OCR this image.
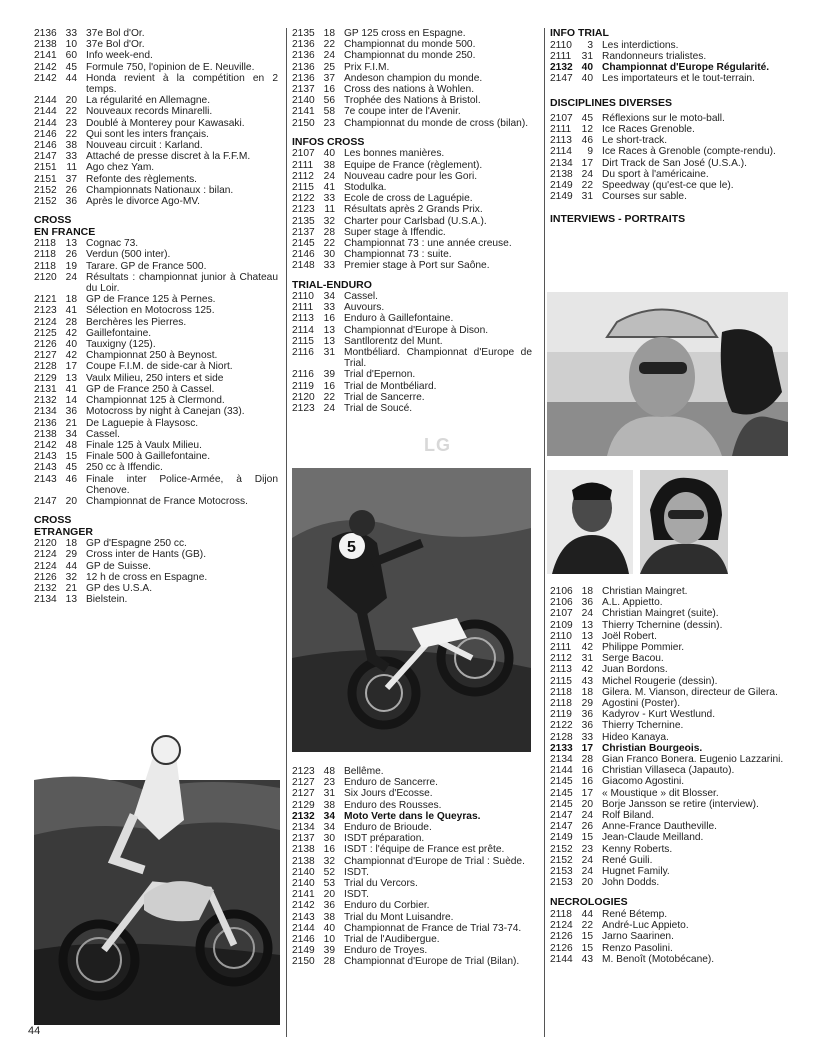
2136 33 37e Bol d'Or.
2138 10 37e Bol d'Or.
2141 60 Info week-end.
2142 45 Formule 750, l'opinion de E. Neuville.
2142 44 Honda revient à la compétition en 2 temps.
2144 20 La régularité en Allemagne.
2144 22 Nouveaux records Minarelli.
2144 23 Doublé à Monterey pour Kawasaki.
2146 22 Qui sont les inters français.
2146 38 Nouveau circuit : Karland.
2147 33 Attaché de presse discret à la F.F.M.
2151 11 Ago chez Yam.
2151 37 Refonte des règlements.
2152 26 Championnats Nationaux : bilan.
2152 36 Après le divorce Ago-MV.
CROSS
EN FRANCE
2118 13 Cognac 73.
2118 26 Verdun (500 inter).
2118 19 Tarare. GP de France 500.
2120 24 Résultats : championnat junior à Chateau du Loir.
2121 18 GP de France 125 à Pernes.
2123 41 Sélection en Motocross 125.
2124 28 Berchères les Pierres.
2125 42 Gaillefontaine.
2126 40 Tauxigny (125).
2127 42 Championnat 250 à Beynost.
2128 17 Coupe F.I.M. de side-car à Niort.
2129 13 Vaulx Milieu, 250 inters et side
2131 41 GP de France 250 à Cassel.
2132 14 Championnat 125 à Clermond.
2134 36 Motocross by night à Canejan (33).
2136 21 De Laguepie à Flaysosc.
2138 34 Cassel.
2142 48 Finale 125 à Vaulx Milieu.
2143 15 Finale 500 à Gaillefontaine.
2143 45 250 cc à Iffendic.
2143 46 Finale inter Police-Armée, à Dijon Chenove.
2147 20 Championnat de France Motocross.
CROSS
ETRANGER
2120 18 GP d'Espagne 250 cc.
2124 29 Cross inter de Hants (GB).
2124 44 GP de Suisse.
2126 32 12 h de cross en Espagne.
2132 21 GP des U.S.A.
2134 13 Bielstein.
2135 18 GP 125 cross en Espagne.
2136 22 Championnat du monde 500.
2136 24 Championnat du monde 250.
2136 25 Prix F.I.M.
2136 37 Andeson champion du monde.
2137 16 Cross des nations à Wohlen.
2140 56 Trophée des Nations à Bristol.
2141 58 7e coupe inter de l'Avenir.
2150 23 Championnat du monde de cross (bilan).
INFOS CROSS
2107 40 Les bonnes manières.
2111	38 Equipe de France (règlement).
2112 24 Nouveau cadre pour les Gori.
2115 41 Stodulka.
2122 33 Ecole de cross de Laguépie.
2123 11 Résultats après 2 Grands Prix.
2135 32 Charter pour Carlsbad (U.S.A.).
2137 28 Super stage à Iffendic.
2145 22 Championnat 73 : une année creuse.
2146 30 Championnat 73 : suite.
2148 33 Premier stage à Port sur Saône.
TRIAL-ENDURO
2110 34 Cassel.
2111	33 Auvours.
2113 16 Enduro à Gaillefontaine.
2114 13 Championnat d'Europe à Dison.
2115 13 Santllorentz del Munt.
2116 31 Montbéliard. Championnat d'Europe de Trial.
2116 39 Trial d'Epernon.
2119 16 Trial de Montbéliard.
2120 22 Trial de Sancerre.
2123 24 Trial de Soucé.
5
LG
2123 48 Bellême.
2127 23 Enduro de Sancerre.
2127 31 Six Jours d'Ecosse.
2129 38 Enduro des Rousses.
2132 34 Moto Verte dans le Queyras.
2134 34 Enduro de Brioude.
2137 30 ISDT préparation.
2138 16 ISDT : l'équipe de France est prête.
2138 32 Championnat d'Europe de Trial : Suède.
2140 52 ISDT.
2140 53 Trial du Vercors.
2141 20 ISDT.
2142 36 Enduro du Corbier.
2143 38 Trial du Mont Luisandre.
2144 40 Championnat de France de Trial 73-74.
2146 10 Trial de l'Audibergue.
2149 39 Enduro de Troyes.
2150 28 Championnat d'Europe de Trial (Bilan).
INFO TRIAL
2110	3 Les interdictions.
2111	31 Randonneurs trialistes.
2132 40 Championnat d'Europe Régularité.
2147 40 Les importateurs et le tout-terrain.
DISCIPLINES DIVERSES
2107 45 Réflexions sur le moto-ball.
2111	12 Ice Races Grenoble.
2113 46 Le short-track.
2114	9 Ice Races à Grenoble (compte-rendu).
2134 17 Dirt Track de San José (U.S.A.).
2138 24 Du sport à l'américaine.
2149 22 Speedway (qu'est-ce que le).
2149 31 Courses sur sable.
INTERVIEWS - PORTRAITS
2106 18 Christian Maingret.
2106 36 A.L. Appietto.
2107 24 Christian Maingret (suite).
2109 13 Thierry Tchernine (dessin).
2110 13 Joël Robert.
2111	42 Philippe Pommier.
2112 31 Serge Bacou.
2113 42 Juan Bordons.
2115 43 Michel Rougerie (dessin).
2118 18 Gilera. M. Vianson, directeur de Gilera.
2118 29 Agostini (Poster).
2119 36 Kadyrov - Kurt Westlund.
2122 36 Thierry Tchernine.
2128 33 Hideo Kanaya.
2133 17 Christian Bourgeois.
2134 28 Gian Franco Bonera. Eugenio Lazzarini.
2144 16 Christian Villaseca (Japauto).
2145 16 Giacomo Agostini.
2145 17 « Moustique » dit Blosser.
2145 20 Borje Jansson se retire (interview).
2147 24 Rolf Biland.
2147 26 Anne-France Dautheville.
2149 15 Jean-Claude Meilland.
2152 23 Kenny Roberts.
2152 24 René Guili.
2153 24 Hugnet Family.
2153 20 John Dodds.
NECROLOGIES
2118 44 René Bétemp.
2124 22 André-Luc Appieto.
2126 15 Jarno Saarinen.
2126 15 Renzo Pasolini.
2144 43 M. Benoît (Motobécane).
44
